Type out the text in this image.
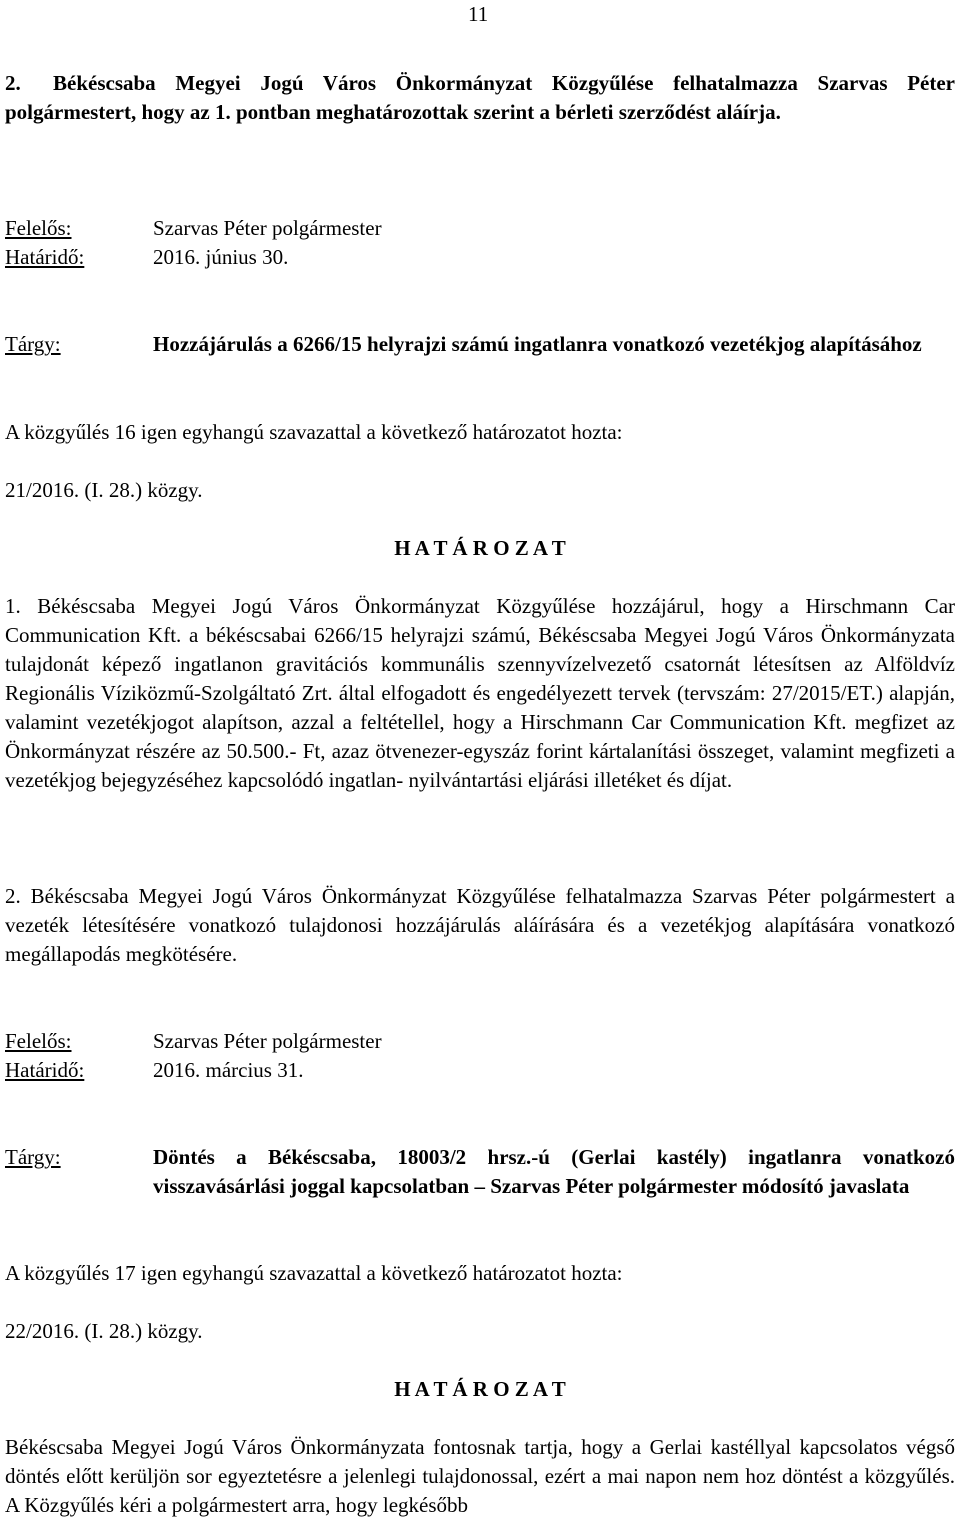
11
2. Békéscsaba Megyei Jogú Város Önkormányzat Közgyűlése felhatalmazza Szarvas Péter polgármestert, hogy az 1. pontban meghatározottak szerint a bérleti szerződést aláírja.
Felelős:	Szarvas Péter polgármester
Határidő:	2016. június 30.
Tárgy:	Hozzájárulás a 6266/15 helyrajzi számú ingatlanra vonatkozó vezetékjog alapításához
A közgyűlés 16 igen egyhangú szavazattal a következő határozatot hozta:
21/2016. (I. 28.) közgy.
H A T Á R O Z A T
1. Békéscsaba Megyei Jogú Város Önkormányzat Közgyűlése hozzájárul, hogy a Hirschmann Car Communication Kft. a békéscsabai 6266/15 helyrajzi számú, Békéscsaba Megyei Jogú Város Önkormányzata tulajdonát képező ingatlanon gravitációs kommunális szennyvízelvezető csatornát létesítsen az Alföldvíz Regionális Víziközmű-Szolgáltató Zrt. által elfogadott és engedélyezett tervek (tervszám: 27/2015/ET.) alapján, valamint vezetékjogot alapítson, azzal a feltétellel, hogy a Hirschmann Car Communication Kft. megfizet az Önkormányzat részére az 50.500.- Ft, azaz ötvenezer-egyszáz forint kártalanítási összeget, valamint megfizeti a vezetékjog bejegyzéséhez kapcsolódó ingatlan- nyilvántartási eljárási illetéket és díjat.
2. Békéscsaba Megyei Jogú Város Önkormányzat Közgyűlése felhatalmazza Szarvas Péter polgármestert a vezeték létesítésére vonatkozó tulajdonosi hozzájárulás aláírására és a vezetékjog alapítására vonatkozó megállapodás megkötésére.
Felelős:	Szarvas Péter polgármester
Határidő:	2016. március 31.
Tárgy:	Döntés a Békéscsaba, 18003/2 hrsz.-ú (Gerlai kastély) ingatlanra vonatkozó visszavásárlási joggal kapcsolatban – Szarvas Péter polgármester módosító javaslata
A közgyűlés 17 igen egyhangú szavazattal a következő határozatot hozta:
22/2016. (I. 28.) közgy.
H A T Á R O Z A T
Békéscsaba Megyei Jogú Város Önkormányzata fontosnak tartja, hogy a Gerlai kastéllyal kapcsolatos végső döntés előtt kerüljön sor egyeztetésre a jelenlegi tulajdonossal, ezért a mai napon nem hoz döntést a közgyűlés. A Közgyűlés kéri a polgármestert arra, hogy legkésőbb
